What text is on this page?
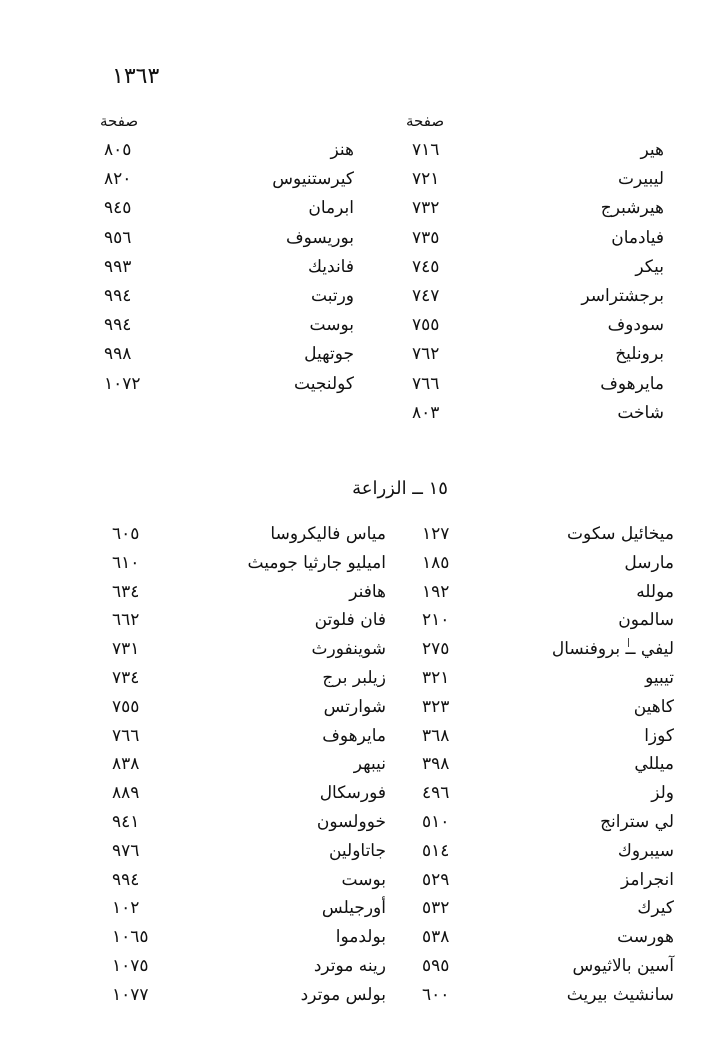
١٣٦٣
صفحة	صفحة
هير
٧١٦
هنز
٨٠٥
ليبيرت
٧٢١
كيرستنيوس
٨٢٠
هيرشبرج
٧٣٢
ابرمان
٩٤٥
فيادمان
٧٣٥
بوريسوف
٩٥٦
بيكر
٧٤٥
فانديك
٩٩٣
برجشتراسر
٧٤٧
ورتبت
٩٩٤
سودوف
٧٥٥
بوست
٩٩٤
برونليخ
٧٦٢
جوتهيل
٩٩٨
مايرهوف
٧٦٦
كولنجيت
١٠٧٢
شاخت
٨٠٣
١٥ ــ الزراعة
ميخائيل سكوت
١٢٧
مياس فاليكروسا
٦٠٥
مارسل
١٨٥
اميليو جارثيا جوميث
٦١٠
مولله
١٩٢
هافنر
٦٣٤
سالمون
٢١٠
فان فلوتن
٦٦٢
ليفي ــ بروفنسال
٢٧٥
شوينفورث
٧٣١
تيبيو
٣٢١
زيلبر برج
٧٣٤
كاهين
٣٢٣
شوارتس
٧٥٥
كوزا
٣٦٨
مايرهوف
٧٦٦
ميللي
٣٩٨
نيبهر
٨٣٨
ولز
٤٩٦
فورسكال
٨٨٩
لي سترانج
٥١٠
خوولسون
٩٤١
سيبروك
٥١٤
جاتاولين
٩٧٦
انجرامز
٥٢٩
بوست
٩٩٤
كيرك
٥٣٢
أورجيلس
١٠٢
هورست
٥٣٨
بولدموا
١٠٦٥
آسين بالاثيوس
٥٩٥
رينه موترد
١٠٧٥
سانشيث بيريث
٦٠٠
بولس موترد
١٠٧٧
